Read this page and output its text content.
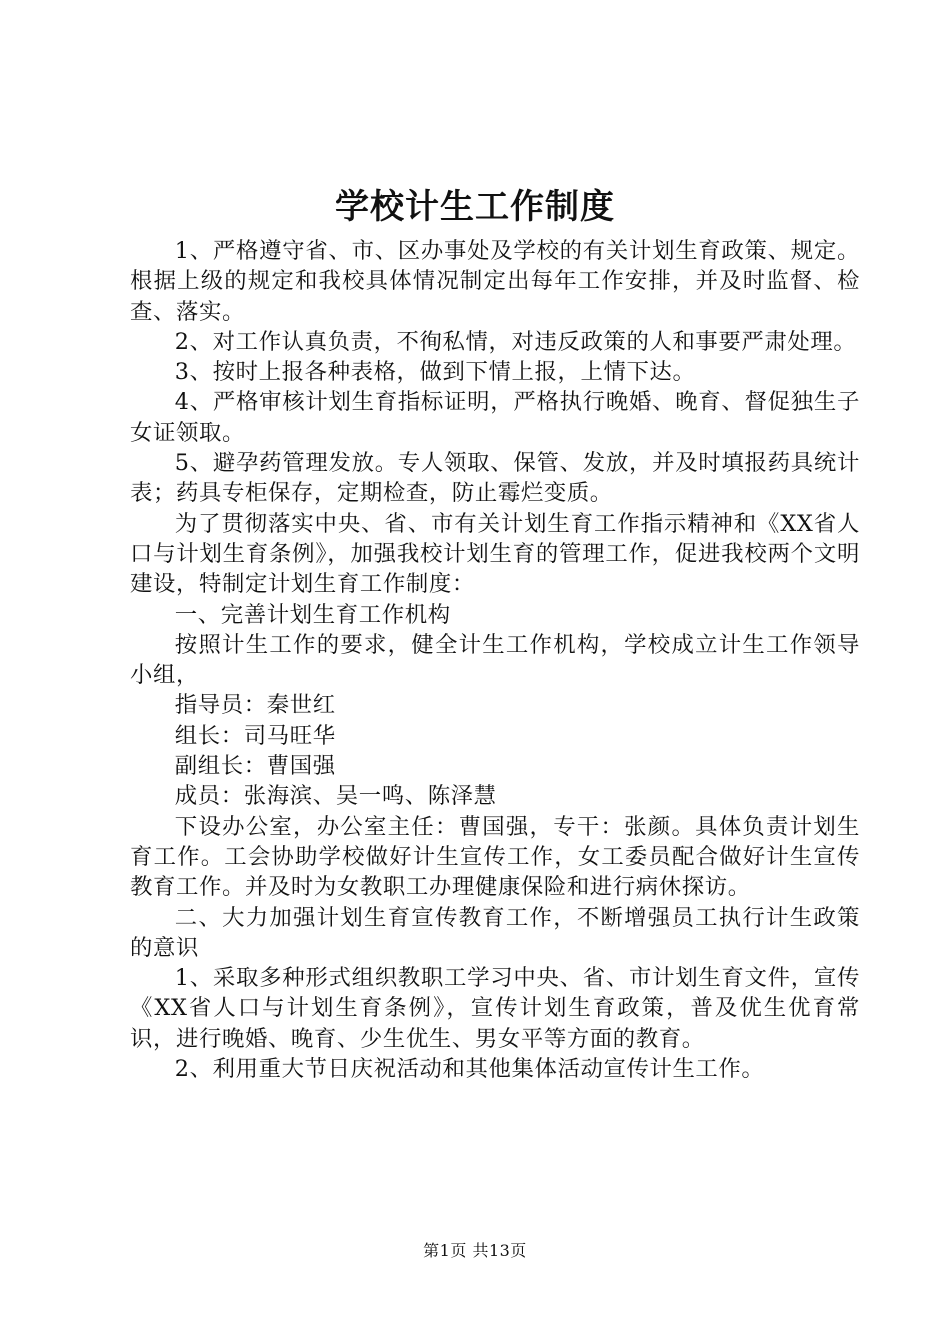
学校计生工作制度

1、严格遵守省、市、区办事处及学校的有关计划生育政策、规定。根据上级的规定和我校具体情况制定出每年工作安排，并及时监督、检查、落实。

2、对工作认真负责，不徇私情，对违反政策的人和事要严肃处理。

3、按时上报各种表格，做到下情上报，上情下达。

4、严格审核计划生育指标证明，严格执行晚婚、晚育、督促独生子女证领取。

5、避孕药管理发放。专人领取、保管、发放，并及时填报药具统计表；药具专柜保存，定期检查，防止霉烂变质。

为了贯彻落实中央、省、市有关计划生育工作指示精神和《XX省人口与计划生育条例》，加强我校计划生育的管理工作，促进我校两个文明建设，特制定计划生育工作制度：

一、完善计划生育工作机构

按照计生工作的要求，健全计生工作机构，学校成立计生工作领导小组，

指导员：秦世红

组长：司马旺华

副组长：曹国强

成员：张海滨、吴一鸣、陈泽慧

下设办公室，办公室主任：曹国强，专干：张颜。具体负责计划生育工作。工会协助学校做好计生宣传工作，女工委员配合做好计生宣传教育工作。并及时为女教职工办理健康保险和进行病休探访。

二、大力加强计划生育宣传教育工作，不断增强员工执行计生政策的意识

1、采取多种形式组织教职工学习中央、省、市计划生育文件，宣传《XX省人口与计划生育条例》，宣传计划生育政策，普及优生优育常识，进行晚婚、晚育、少生优生、男女平等方面的教育。

2、利用重大节日庆祝活动和其他集体活动宣传计生工作。

第1页 共13页
